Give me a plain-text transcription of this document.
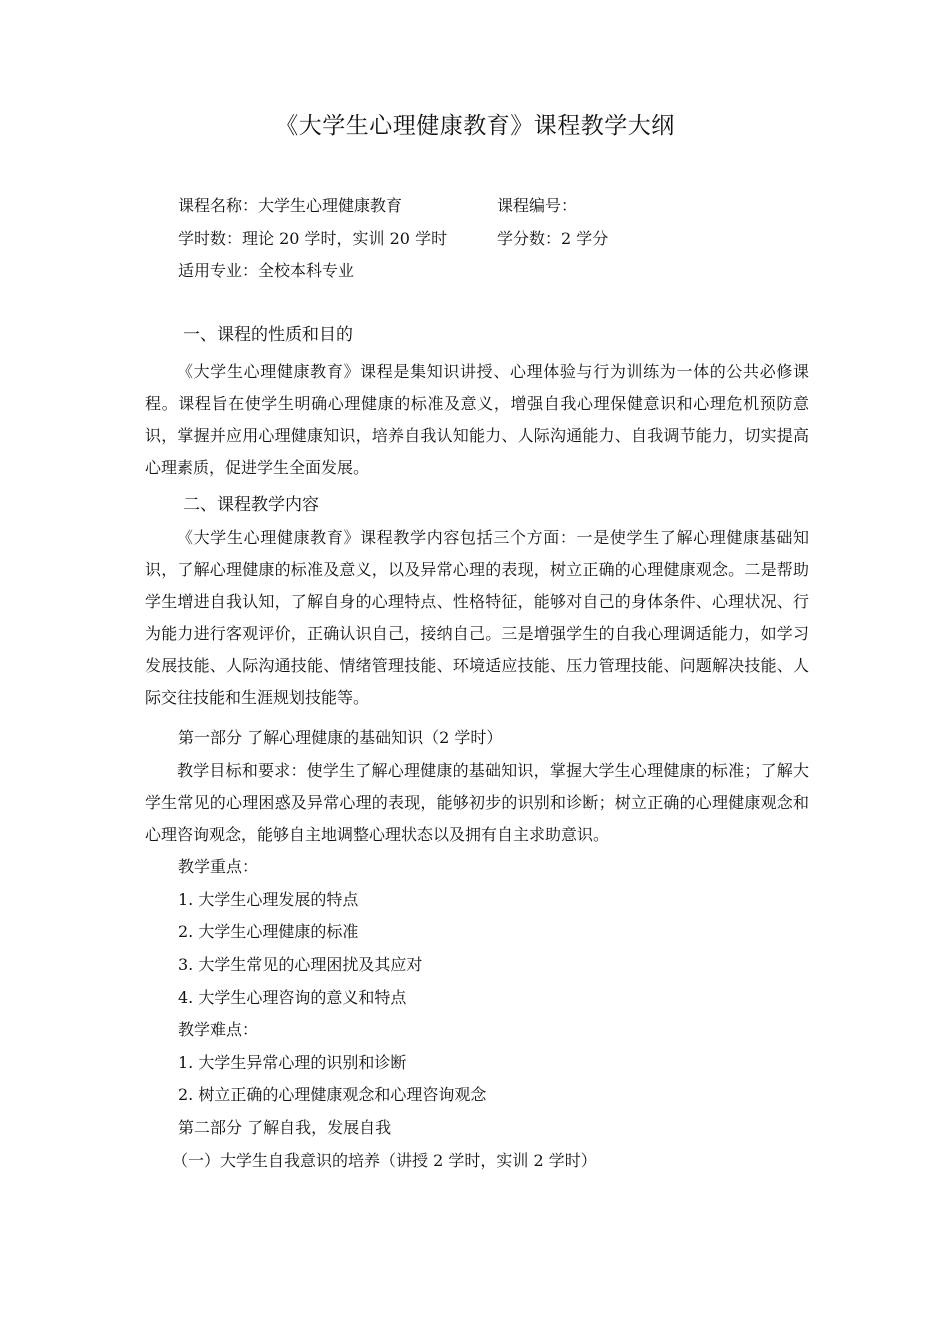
《大学生心理健康教育》课程教学大纲
课程名称：大学生心理健康教育	课程编号：
学时数：理论 20 学时，实训 20 学时	学分数：2 学分
适用专业：全校本科专业
一、课程的性质和目的
《大学生心理健康教育》课程是集知识讲授、心理体验与行为训练为一体的公共必修课程。课程旨在使学生明确心理健康的标准及意义，增强自我心理保健意识和心理危机预防意识，掌握并应用心理健康知识，培养自我认知能力、人际沟通能力、自我调节能力，切实提高心理素质，促进学生全面发展。
二、课程教学内容
《大学生心理健康教育》课程教学内容包括三个方面：一是使学生了解心理健康基础知识，了解心理健康的标准及意义，以及异常心理的表现，树立正确的心理健康观念。二是帮助学生增进自我认知，了解自身的心理特点、性格特征，能够对自己的身体条件、心理状况、行为能力进行客观评价，正确认识自己，接纳自己。三是增强学生的自我心理调适能力，如学习发展技能、人际沟通技能、情绪管理技能、环境适应技能、压力管理技能、问题解决技能、人际交往技能和生涯规划技能等。
第一部分 了解心理健康的基础知识（2 学时）
教学目标和要求：使学生了解心理健康的基础知识，掌握大学生心理健康的标准；了解大学生常见的心理困惑及异常心理的表现，能够初步的识别和诊断；树立正确的心理健康观念和心理咨询观念，能够自主地调整心理状态以及拥有自主求助意识。
教学重点：
1. 大学生心理发展的特点
2. 大学生心理健康的标准
3. 大学生常见的心理困扰及其应对
4. 大学生心理咨询的意义和特点
教学难点：
1. 大学生异常心理的识别和诊断
2. 树立正确的心理健康观念和心理咨询观念
第二部分 了解自我，发展自我
（一）大学生自我意识的培养（讲授 2 学时，实训 2 学时）
